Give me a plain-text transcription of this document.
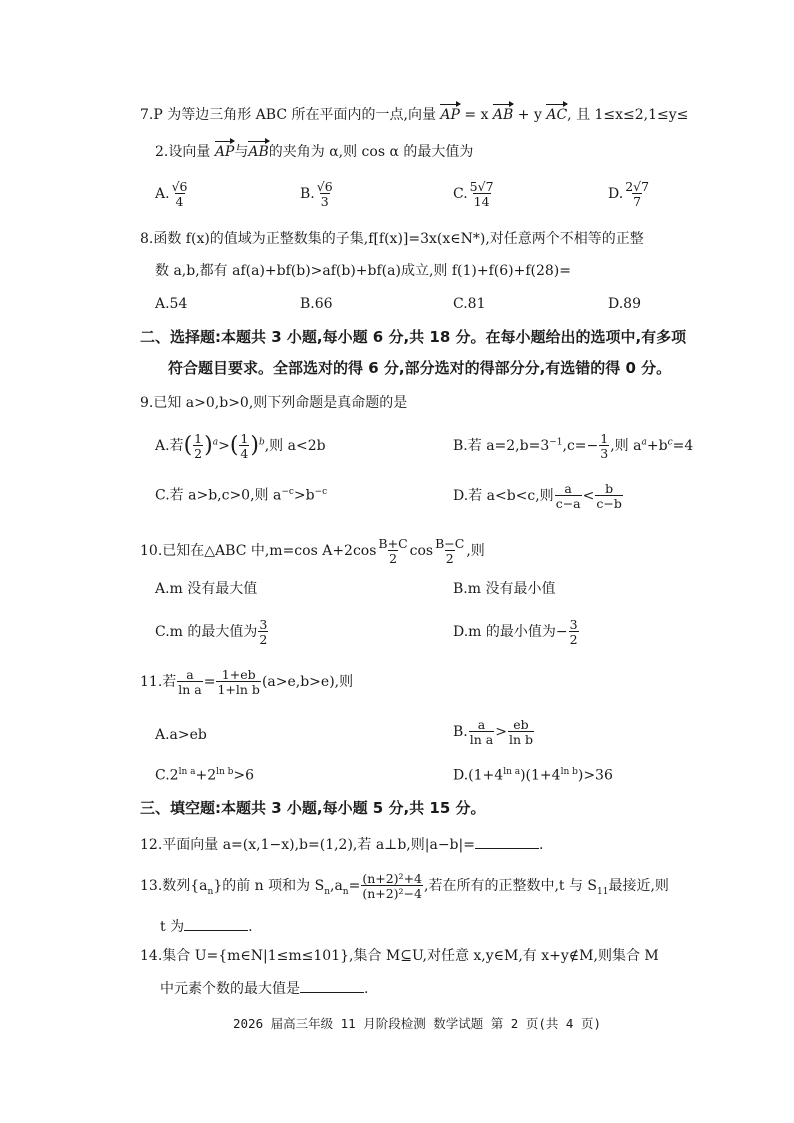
7.P 为等边三角形 ABC 所在平面内的一点,向量 AP = x AB + y AC, 且 1≤x≤2,1≤y≤
2.设向量 AP与AB的夹角为 α,则 cos α 的最大值为
A. $\frac{√6}{4}$	B. $\frac{√6}{3}$	C. $\frac{5√7}{14}$	D. $\frac{2√7}{7}$
8.函数 f(x)的值域为正整数集的子集,f[f(x)]=3x(x∈N*),对任意两个不相等的正整
数 a,b,都有 af(a)+bf(b)>af(b)+bf(a)成立,则 f(1)+f(6)+f(28)=
A.54	B.66	C.81	D.89
二、选择题:本题共 3 小题,每小题 6 分,共 18 分。在每小题给出的选项中,有多项
符合题目要求。全部选对的得 6 分,部分选对的得部分分,有选错的得 0 分。
9.已知 a>0,b>0,则下列命题是真命题的是
A.若( $\frac{1}{2} )^a>( \frac{1}{4} )^b$,则 a<2b	B.若 $a=2,b=3^{-1},c=- \frac{1}{3}$ ,则 $a^a+b^c=4$
C.若 a>b,c>0,则 $a^{-c}>b^{-c}$	D.若 a<b<c,则 $\frac{a}{c-a} < \frac{b}{c-b}$
10.已知在△ABC 中,m=cos $A+2\cos \frac{B+C}{2}$ $\cos \frac{B-C}{2}$ ,则
A.m 没有最大值	B.m 没有最小值
C.m 的最大值为 $\frac{3}{2}$	D.m 的最小值为− $\frac{3}{2}$
11.若 $\frac{a}{\text{ln a}} = \frac{1+eb}{\text{1+ln b}} (a>e,b>e)$,则
A.a>eb	B. $\frac{a}{\text{ln a}} > \frac{eb}{\text{ln b}}$
$C.2^{ln a}+2^{ln b}>6$	$D.(1+4^{ln a})(1+4^{ln b})>36$
三、填空题:本题共 3 小题,每小题 5 分,共 15 分。
12.平面向量 a=(x,1−x),b=(1,2),若 a⊥b,则|a−b|=	.
13.数列$\{a_n\}$的前 n 项和为 $S_n,a_n= \frac{\text{(n+2)²+4}}{\text{(n+2)²−4}}$ ,若在所有的正整数中,t 与 $S_{11}$最接近,则
t 为	.
14.集合 U={m∈N|1≤m≤101},集合 M⊆U,对任意 x,y∈M,有 x+y∉M,则集合 M
中元素个数的最大值是	.
2026 届高三年级 11 月阶段检测 数学试题 第 2 页(共 4 页)
